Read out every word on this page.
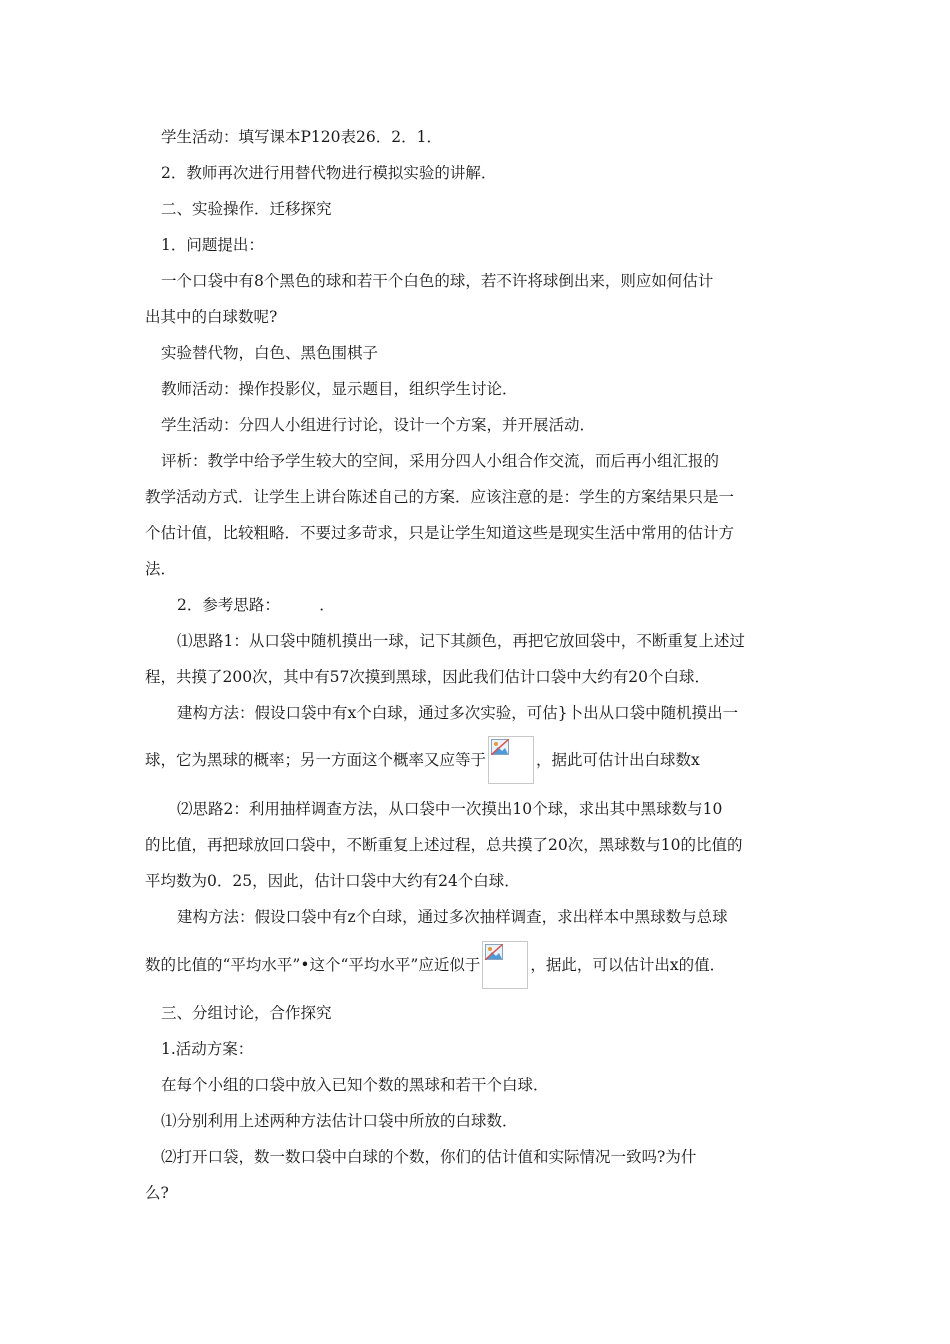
学生活动：填写课本P120表26．2．1．
2．教师再次进行用替代物进行模拟实验的讲解．
二、实验操作．迁移探究
1．问题提出：
一个口袋中有8个黑色的球和若干个白色的球，若不许将球倒出来，则应如何估计
出其中的白球数呢?
实验替代物，白色、黑色围棋子
教师活动：操作投影仪，显示题目，组织学生讨论．
学生活动：分四人小组进行讨论，设计一个方案，并开展活动．
评析：教学中给予学生较大的空间，采用分四人小组合作交流，而后再小组汇报的
教学活动方式．让学生上讲台陈述自己的方案．应该注意的是：学生的方案结果只是一
个估计值，比较粗略．不要过多苛求，只是让学生知道这些是现实生活中常用的估计方
法．
2．参考思路：        ．
⑴思路1：从口袋中随机摸出一球，记下其颜色，再把它放回袋中，不断重复上述过
程，共摸了200次，其中有57次摸到黑球，因此我们估计口袋中大约有20个白球．
建构方法：假设口袋中有x个白球，通过多次实验，可估}卜出从口袋中随机摸出一
球，它为黑球的概率；另一方面这个概率又应等于	，据此可估计出白球数x
⑵思路2：利用抽样调查方法，从口袋中一次摸出10个球，求出其中黑球数与10
的比值，再把球放回口袋中，不断重复上述过程，总共摸了20次，黑球数与10的比值的
平均数为0．25，因此，估计口袋中大约有24个白球．
建构方法：假设口袋中有z个白球，通过多次抽样调查，求出样本中黑球数与总球
数的比值的“平均水平”•这个“平均水平”应近似于	，据此，可以估计出x的值．
三、分组讨论，合作探究
1.活动方案：
在每个小组的口袋中放入已知个数的黑球和若干个白球．
⑴分别利用上述两种方法估计口袋中所放的白球数．
⑵打开口袋，数一数口袋中白球的个数，你们的估计值和实际情况一致吗?为什
么?
